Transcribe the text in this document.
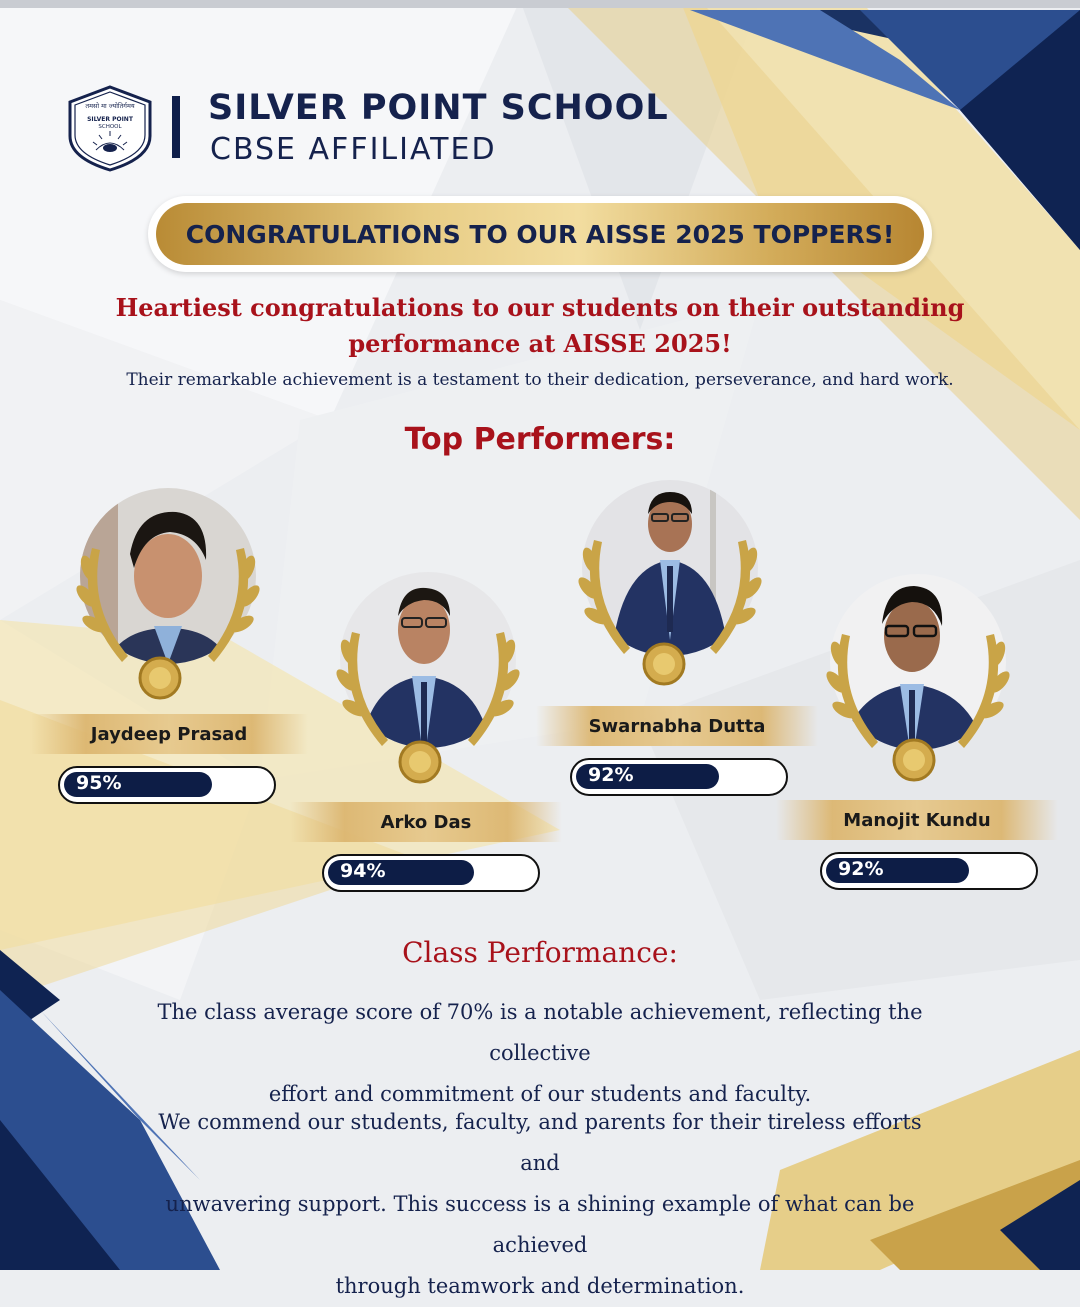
तमसो मा ज्योतिर्गमय
SILVER POINT
SCHOOL SILVER POINT SCHOOL
CBSE AFFILIATED
CONGRATULATIONS TO OUR AISSE 2025 TOPPERS!
Heartiest congratulations to our students on their outstanding
performance at AISSE 2025!
Their remarkable achievement is a testament to their dedication, perseverance, and hard work.
Top Performers:
Jaydeep Prasad
Arko Das
Swarnabha Dutta
Manojit Kundu
95%
94%
92%
92%
Class Performance:
The class average score of 70% is a notable achievement, reflecting the collective
effort and commitment of our students and faculty.
We commend our students, faculty, and parents for their tireless efforts and
unwavering support. This success is a shining example of what can be achieved
through teamwork and determination.
